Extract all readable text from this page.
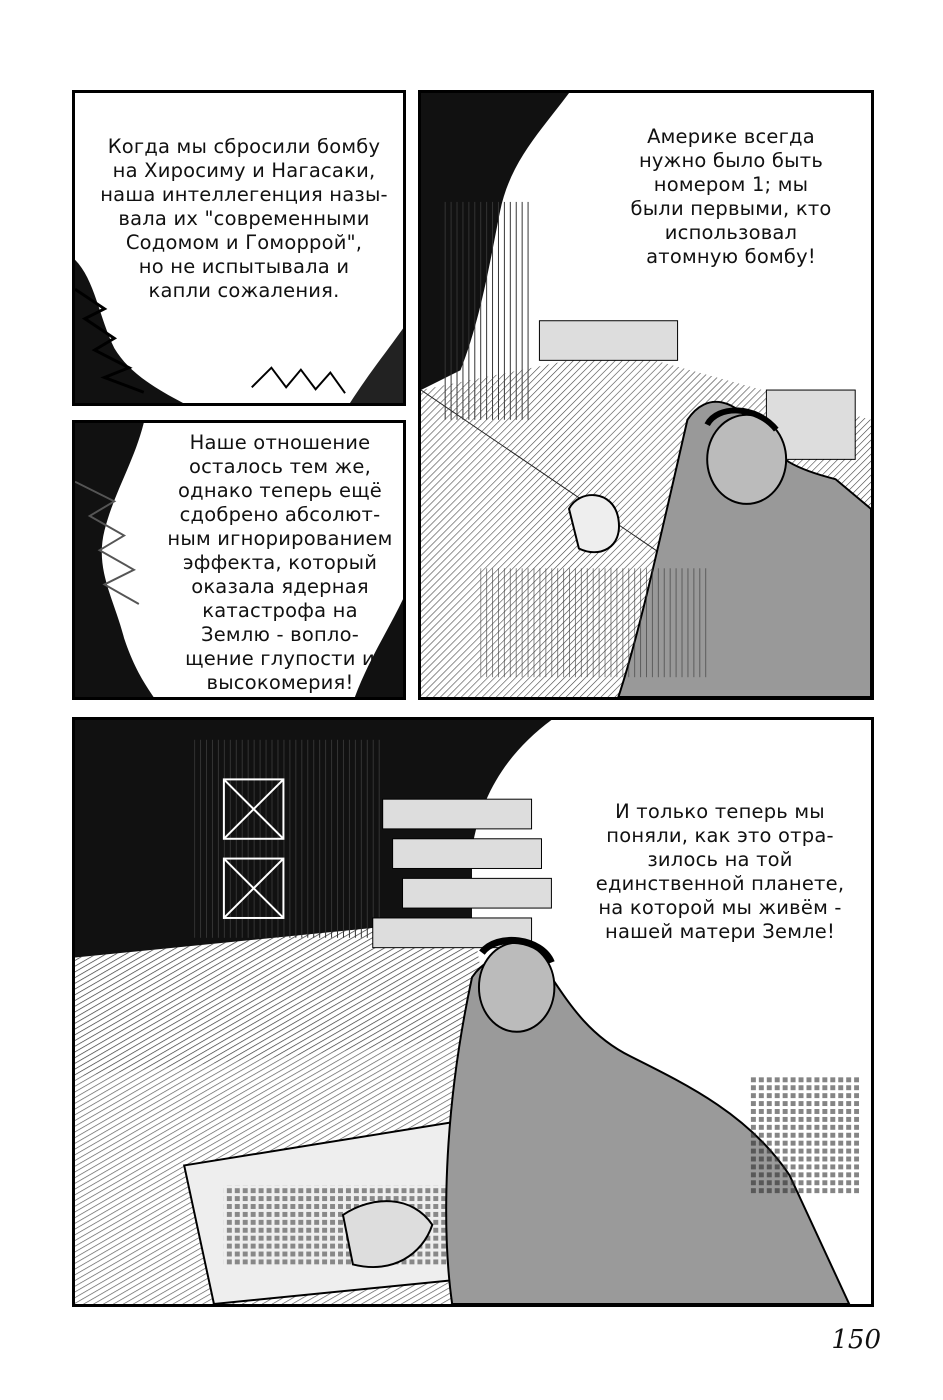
Когда мы сбросили бомбу
на Хиросиму и Нагасаки,
наша интеллегенция назы-
вала их "современными
Содомом и Гоморрой",
но не испытывала и
капли сожаления.
Наше отношение
осталось тем же,
однако теперь ещё
сдобрено абсолют-
ным игнорированием
эффекта, который
оказала ядерная
катастрофа на
Землю - вопло-
щение глупости и
высокомерия!
Америке всегда
нужно было быть
номером 1; мы
были первыми, кто
использовал
атомную бомбу!
И только теперь мы
поняли, как это отра-
зилось на той
единственной планете,
на которой мы живём -
нашей матери Земле!
150
